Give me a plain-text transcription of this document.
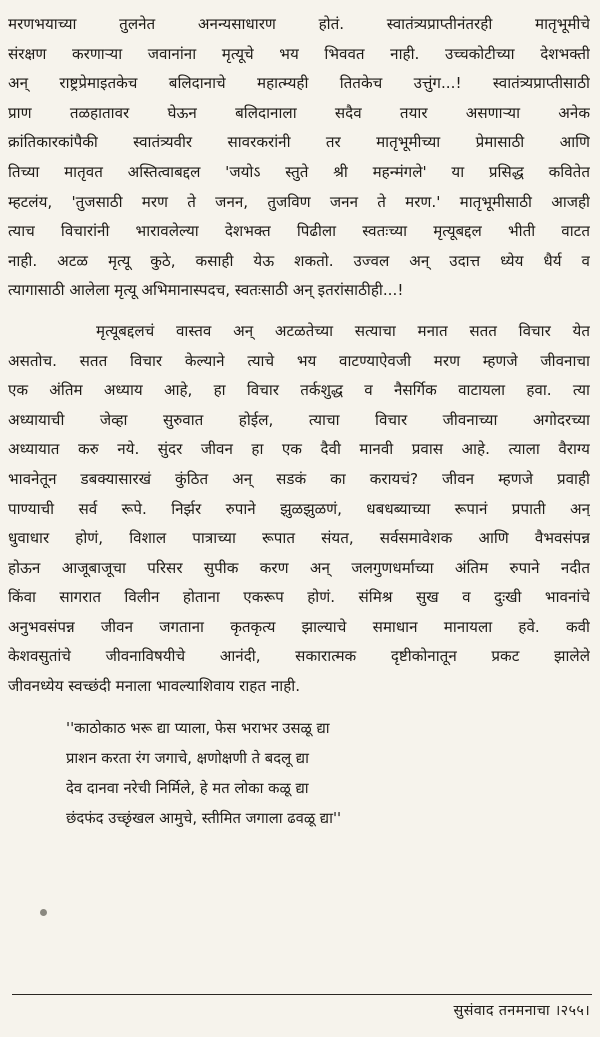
मरणभयाच्या तुलनेत अनन्यसाधारण होतं. स्वातंत्र्यप्राप्तीनंतरही मातृभूमीचे
संरक्षण करणाऱ्या जवानांना मृत्यूचे भय भिववत नाही. उच्चकोटीच्या देशभक्ती
अन् राष्ट्रप्रेमाइतकेच बलिदानाचे महात्म्यही तितकेच उत्तुंग...! स्वातंत्र्यप्राप्तीसाठी
प्राण तळहातावर घेऊन बलिदानाला सदैव तयार असणाऱ्या अनेक
क्रांतिकारकांपैकी स्वातंत्र्यवीर सावरकरांनी तर मातृभूमीच्या प्रेमासाठी आणि
तिच्या मातृवत अस्तित्वाबद्दल 'जयोऽ स्तुते श्री महन्मंगले' या प्रसिद्ध कवितेत
म्हटलंय, 'तुजसाठी मरण ते जनन, तुजविण जनन ते मरण.' मातृभूमीसाठी आजही
त्याच विचारांनी भारावलेल्या देशभक्त पिढीला स्वतःच्या मृत्यूबद्दल भीती वाटत
नाही. अटळ मृत्यू कुठे, कसाही येऊ शकतो. उज्वल अन् उदात्त ध्येय धैर्य व
त्यागासाठी आलेला मृत्यू अभिमानास्पदच, स्वतःसाठी अन् इतरांसाठीही...!
मृत्यूबद्दलचं वास्तव अन् अटळतेच्या सत्याचा मनात सतत विचार येत
असतोच. सतत विचार केल्याने त्याचे भय वाटण्याऐवजी मरण म्हणजे जीवनाचा
एक अंतिम अध्याय आहे, हा विचार तर्कशुद्ध व नैसर्गिक वाटायला हवा. त्या
अध्यायाची जेव्हा सुरुवात होईल, त्याचा विचार जीवनाच्या अगोदरच्या
अध्यायात करु नये. सुंदर जीवन हा एक दैवी मानवी प्रवास आहे. त्याला वैराग्य
भावनेतून डबक्यासारखं कुंठित अन् सडकं का करायचं? जीवन म्हणजे प्रवाही
पाण्याची सर्व रूपे. निर्झर रुपाने झुळझुळणं, धबधब्याच्या रूपानं प्रपाती अन्
धुवाधार होणं, विशाल पात्राच्या रूपात संयत, सर्वसमावेशक आणि वैभवसंपन्न
होऊन आजूबाजूचा परिसर सुपीक करण अन् जलगुणधर्माच्या अंतिम रुपाने नदीत
किंवा सागरात विलीन होताना एकरूप होणं. संमिश्र सुख व दुःखी भावनांचे
अनुभवसंपन्न जीवन जगताना कृतकृत्य झाल्याचे समाधान मानायला हवे. कवी
केशवसुतांचे जीवनाविषयीचे आनंदी, सकारात्मक दृष्टीकोनातून प्रकट झालेले
जीवनध्येय स्वच्छंदी मनाला भावल्याशिवाय राहत नाही.
''काठोकाठ भरू द्या प्याला, फेस भराभर उसळू द्या
प्राशन करता रंग जगाचे, क्षणोक्षणी ते बदलू द्या
देव दानवा नरेची निर्मिले, हे मत लोका कळू द्या
छंदफंद उच्छृंखल आमुचे, स्तीमित जगाला ढवळू द्या''
सुसंवाद तनमनाचा ।२५५।
